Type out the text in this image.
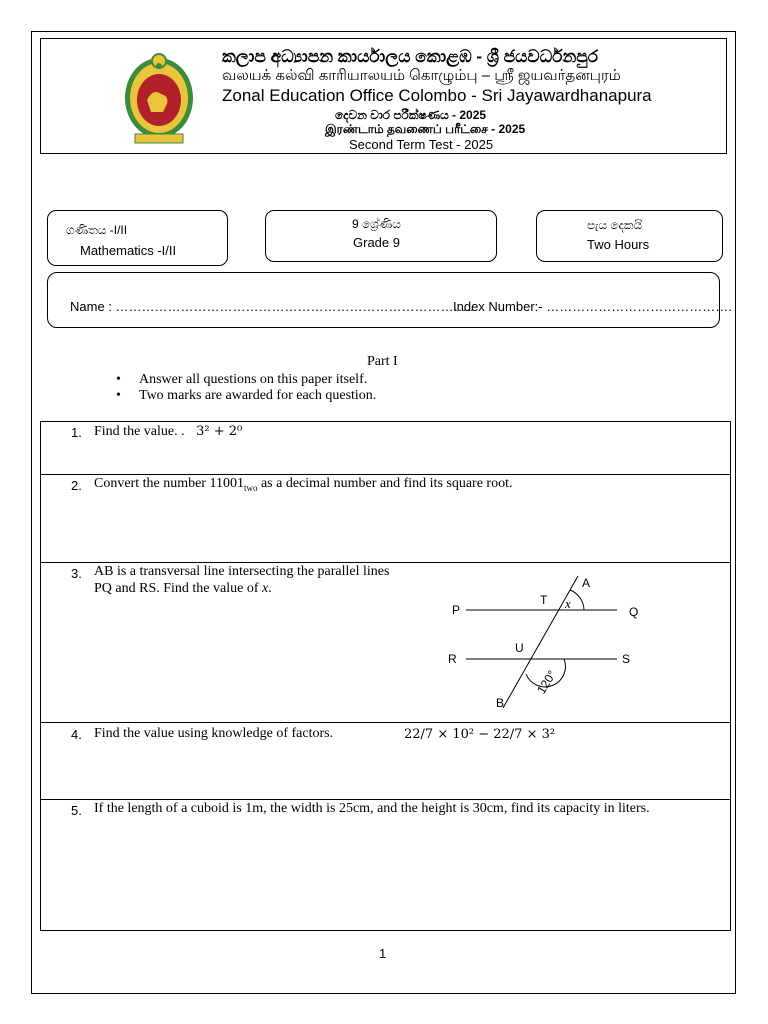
කලාප අධ්‍යාපන කාර්යාලය කොළඹ - ශ්‍රී ජයවර්ධනපුර
வலயக் கல்வி காரியாலயம் கொழும்பு – ஸ்ரீ ஜயவர்தனபுரம்
Zonal Education Office Colombo - Sri Jayawardhanapura
දෙවන වාර පරීක්ෂණය - 2025
இரண்டாம் தவணைப் பரீட்சை - 2025
Second Term Test - 2025
ගණිතය -I/II
Mathematics -I/II
9 ශ්‍රේණිය
Grade 9
පැය දෙකයි
Two Hours
Name : ………………………………………………………………………..
Index Number:- …………………………………….
Part I
• Answer all questions on this paper itself.
• Two marks are awarded for each question.
1. Find the value. . 3² + 2⁰
2. Convert the number $11001_{two}$ as a decimal number and find its square root.
3. AB is a transversal line intersecting the parallel lines
PQ and RS. Find the value of x.	A
B
P	Q
R	S
T
U
x
120°
4. Find the value using knowledge of factors.	22/7 × 10² − 22/7 × 3²
5. If the length of a cuboid is 1m, the width is 25cm, and the height is 30cm, find its capacity in liters.
1
